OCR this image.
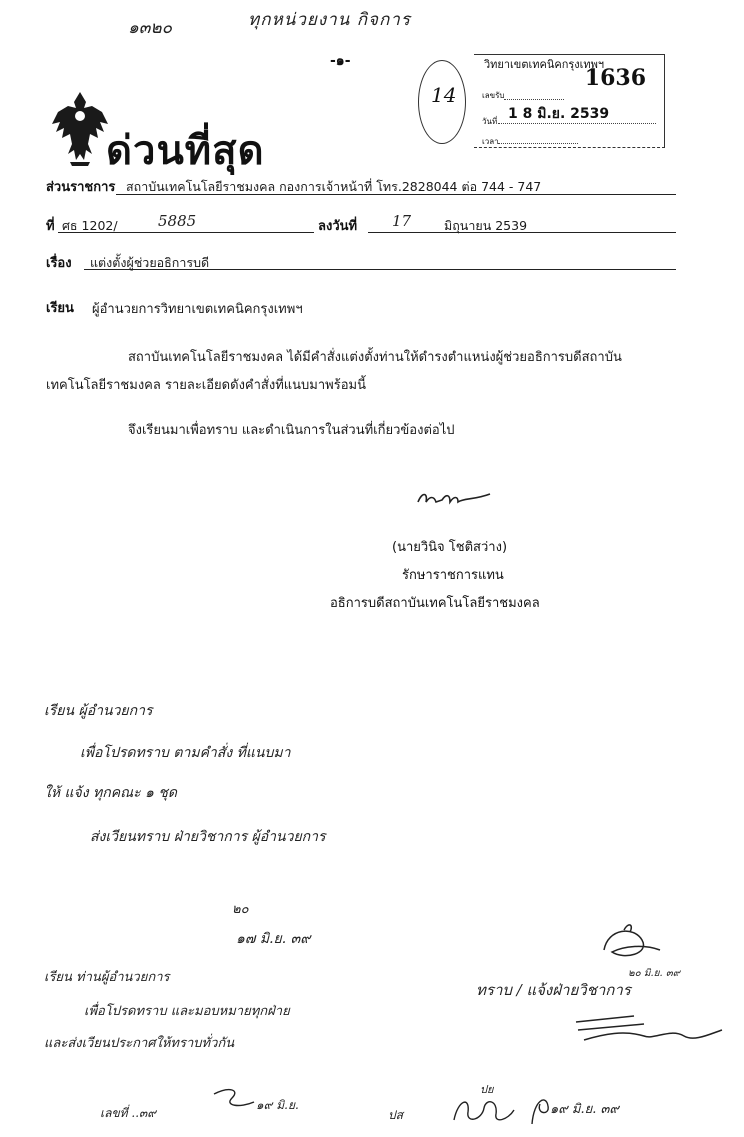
๑๓๒๐	ทุกหน่วยงาน กิจการ
-๑-
14
วิทยาเขตเทคนิคกรุงเทพฯ
1636
เลขรับ
วันที่ 1 8 มิ.ย. 2539
เวลา
ด่วนที่สุด
ส่วนราชการ สถาบันเทคโนโลยีราชมงคล กองการเจ้าหน้าที่ โทร.2828044 ต่อ 744 - 747
ที่ ศธ 1202/	5885	ลงวันที่ 17	มิถุนายน 2539
เรื่อง แต่งตั้งผู้ช่วยอธิการบดี
เรียน ผู้อำนวยการวิทยาเขตเทคนิคกรุงเทพฯ
สถาบันเทคโนโลยีราชมงคล ได้มีคำสั่งแต่งตั้งท่านให้ดำรงตำแหน่งผู้ช่วยอธิการบดีสถาบัน
เทคโนโลยีราชมงคล รายละเอียดดังคำสั่งที่แนบมาพร้อมนี้
จึงเรียนมาเพื่อทราบ และดำเนินการในส่วนที่เกี่ยวข้องต่อไป
(นายวินิจ โชติสว่าง)
รักษาราชการแทน
อธิการบดีสถาบันเทคโนโลยีราชมงคล
เรียน ผู้อำนวยการ
เพื่อโปรดทราบ ตามคำสั่ง ที่แนบมา
ให้ แจ้ง ทุกคณะ ๑ ชุด
ส่งเวียนทราบ ฝ่ายวิชาการ ผู้อำนวยการ
๒๐
๑๗ มิ.ย. ๓๙
เรียน ท่านผู้อำนวยการ
เพื่อโปรดทราบ และมอบหมายทุกฝ่าย
และส่งเวียนประกาศให้ทราบทั่วกัน
ทราบ / แจ้งฝ่ายวิชาการ
๒๐ มิ.ย. ๓๙
๑๙ มิ.ย. ๓๙
เลขที่ ..๓๙
๑๙ มิ.ย.
ปส
ปย
